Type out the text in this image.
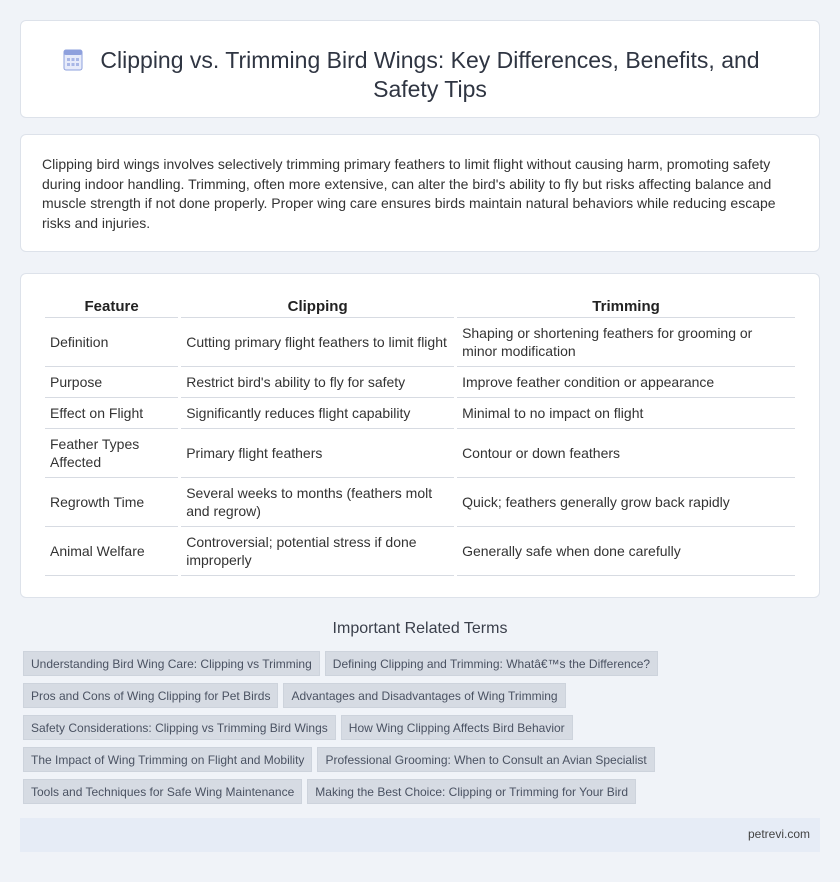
Clipping vs. Trimming Bird Wings: Key Differences, Benefits, and Safety Tips

Clipping bird wings involves selectively trimming primary feathers to limit flight without causing harm, promoting safety during indoor handling. Trimming, often more extensive, can alter the bird's ability to fly but risks affecting balance and muscle strength if not done properly. Proper wing care ensures birds maintain natural behaviors while reducing escape risks and injuries.

Feature	Clipping	Trimming
Definition	Cutting primary flight feathers to limit flight	Shaping or shortening feathers for grooming or minor modification
Purpose	Restrict bird's ability to fly for safety	Improve feather condition or appearance
Effect on Flight	Significantly reduces flight capability	Minimal to no impact on flight
Feather Types Affected	Primary flight feathers	Contour or down feathers
Regrowth Time	Several weeks to months (feathers molt and regrow)	Quick; feathers generally grow back rapidly
Animal Welfare	Controversial; potential stress if done improperly	Generally safe when done carefully
Important Related Terms
Understanding Bird Wing Care: Clipping vs Trimming Defining Clipping and Trimming: Whatâ€™s the Difference?
Pros and Cons of Wing Clipping for Pet Birds Advantages and Disadvantages of Wing Trimming
Safety Considerations: Clipping vs Trimming Bird Wings How Wing Clipping Affects Bird Behavior
The Impact of Wing Trimming on Flight and Mobility Professional Grooming: When to Consult an Avian Specialist
Tools and Techniques for Safe Wing Maintenance Making the Best Choice: Clipping or Trimming for Your Bird
petrevi.com
